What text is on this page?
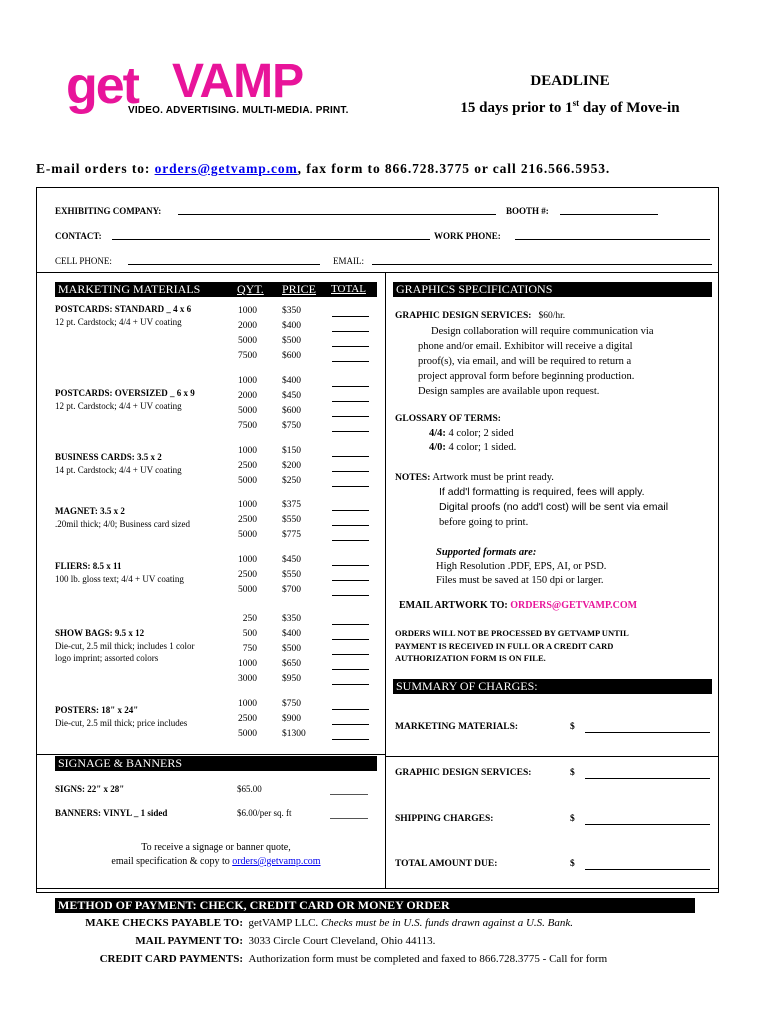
get VAMP
VIDEO. ADVERTISING. MULTI-MEDIA. PRINT.
DEADLINE
15 days prior to 1st day of Move-in
E-mail orders to: orders@getvamp.com, fax form to 866.728.3775 or call 216.566.5953.
EXHIBITING COMPANY:	BOOTH #:
CONTACT:	WORK PHONE:
CELL PHONE:	EMAIL:
MARKETING MATERIALS	QYT. PRICE TOTAL
POSTCARDS: STANDARD _ 4 x 6
12 pt. Cardstock; 4/4 + UV coating
1000	$350
2000	$400
5000	$500
7500	$600
POSTCARDS: OVERSIZED _ 6 x 9
12 pt. Cardstock; 4/4 + UV coating
1000	$400
2000	$450
5000	$600
7500	$750
BUSINESS CARDS: 3.5 x 2
14 pt. Cardstock; 4/4 + UV coating
1000	$150
2500	$200
5000	$250
MAGNET: 3.5 x 2
.20mil thick; 4/0; Business card sized
1000	$375
2500	$550
5000	$775
FLIERS: 8.5 x 11
100 lb. gloss text; 4/4 + UV coating
1000	$450
2500	$550
5000	$700
SHOW BAGS: 9.5 x 12
Die-cut, 2.5 mil thick; includes 1 color
logo imprint; assorted colors
250	$350
500	$400
750	$500
1000	$650
3000	$950
POSTERS: 18" x 24"
Die-cut, 2.5 mil thick; price includes
1000	$750
2500	$900
5000	$1300
SIGNAGE & BANNERS
SIGNS: 22" x 28"	$65.00
BANNERS: VINYL _ 1 sided	$6.00/per sq. ft
To receive a signage or banner quote,
email specification & copy to orders@getvamp.com
GRAPHICS SPECIFICATIONS
GRAPHIC DESIGN SERVICES: $60/hr.
Design collaboration will require communication via
phone and/or email. Exhibitor will receive a digital
proof(s), via email, and will be required to return a
project approval form before beginning production.
Design samples are available upon request.
GLOSSARY OF TERMS:
4/4: 4 color; 2 sided
4/0: 4 color; 1 sided.
NOTES: Artwork must be print ready.
If add'l formatting is required, fees will apply.
Digital proofs (no add'l cost) will be sent via email
before going to print.
Supported formats are:
High Resolution .PDF, EPS, AI, or PSD.
Files must be saved at 150 dpi or larger.
EMAIL ARTWORK TO: ORDERS@GETVAMP.COM
ORDERS WILL NOT BE PROCESSED BY GETVAMP UNTIL
PAYMENT IS RECEIVED IN FULL OR A CREDIT CARD
AUTHORIZATION FORM IS ON FILE.
SUMMARY OF CHARGES:
MARKETING MATERIALS:	$
GRAPHIC DESIGN SERVICES:	$
SHIPPING CHARGES:	$
TOTAL AMOUNT DUE:	$
METHOD OF PAYMENT: CHECK, CREDIT CARD OR MONEY ORDER
MAKE CHECKS PAYABLE TO: getVAMP LLC. Checks must be in U.S. funds drawn against a U.S. Bank.
MAIL PAYMENT TO: 3033 Circle Court Cleveland, Ohio 44113.
CREDIT CARD PAYMENTS: Authorization form must be completed and faxed to 866.728.3775 - Call for form
